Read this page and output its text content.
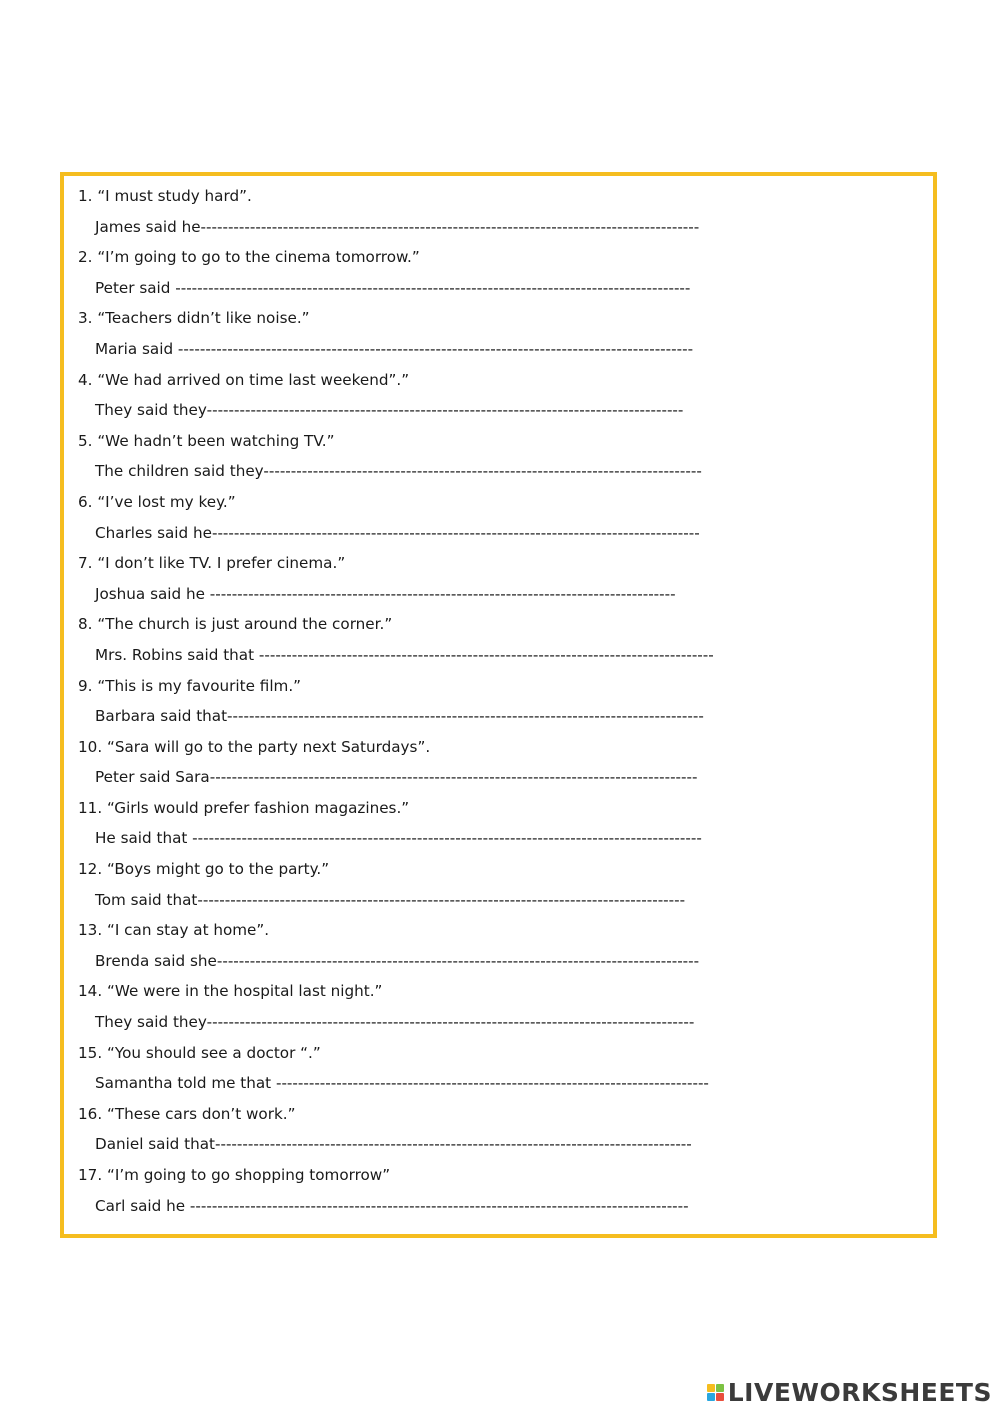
1. “I must study hard”.
James said he-------------------------------------------------------------------------------------------
2. “I’m going to go to the cinema tomorrow.”
Peter said ----------------------------------------------------------------------------------------------
3. “Teachers didn’t like noise.”
Maria said ----------------------------------------------------------------------------------------------
4. “We had arrived on time last weekend”.”
They said they---------------------------------------------------------------------------------------
5. “We hadn’t been watching TV.”
The children said they--------------------------------------------------------------------------------
6. “I’ve lost my key.”
Charles said he-----------------------------------------------------------------------------------------
7. “I don’t like TV. I prefer cinema.”
Joshua said he -------------------------------------------------------------------------------------
8. “The church is just around the corner.”
Mrs. Robins said that -----------------------------------------------------------------------------------
9. “This is my favourite film.”
Barbara said that---------------------------------------------------------------------------------------
10. “Sara will go to the party next Saturdays”.
Peter said Sara-----------------------------------------------------------------------------------------
11. “Girls would prefer fashion magazines.”
He said that ---------------------------------------------------------------------------------------------
12. “Boys might go to the party.”
Tom said that-----------------------------------------------------------------------------------------
13. “I can stay at home”.
Brenda said she----------------------------------------------------------------------------------------
14. “We were in the hospital last night.”
They said they-----------------------------------------------------------------------------------------
15. “You should see a doctor “.”
Samantha told me that -------------------------------------------------------------------------------
16. “These cars don’t work.”
Daniel said that---------------------------------------------------------------------------------------
17. “I’m going to go shopping tomorrow”
Carl said he -------------------------------------------------------------------------------------------
LIVEWORKSHEETS
